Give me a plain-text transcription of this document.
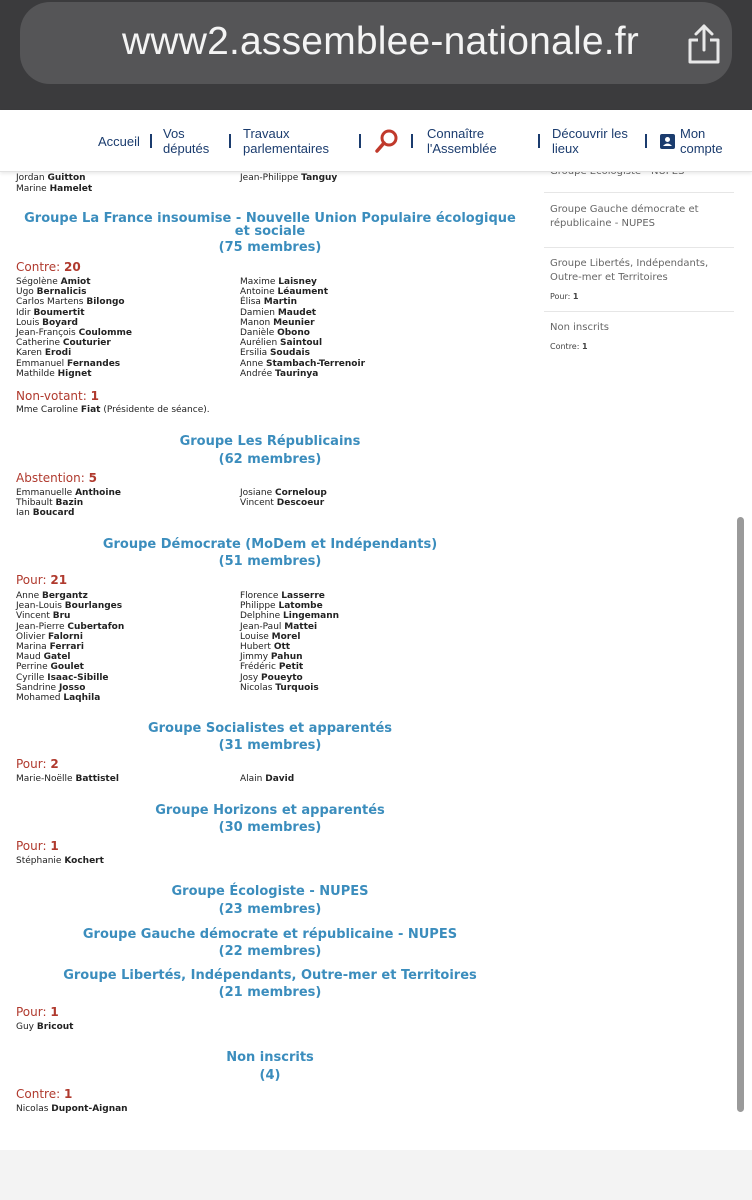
www2.assemblee-nationale.fr
Accueil
Vos
députés
Travaux
parlementaires
Connaître
l'Assemblée
Découvrir les
lieux
Mon
compte
Jordan Guitton
Marine Hamelet
Jean-Philippe Tanguy
Groupe La France insoumise - Nouvelle Union Populaire écologique et sociale
(75 membres)
Contre: 20
Ségolène Amiot
Ugo Bernalicis
Carlos Martens Bilongo
Idir Boumertit
Louis Boyard
Jean-François Coulomme
Catherine Couturier
Karen Erodi
Emmanuel Fernandes
Mathilde Hignet
Maxime Laisney
Antoine Léaument
Élisa Martin
Damien Maudet
Manon Meunier
Danièle Obono
Aurélien Saintoul
Ersilia Soudais
Anne Stambach-Terrenoir
Andrée Taurinya
Non-votant: 1
Mme Caroline Fiat (Présidente de séance).
Groupe Les Républicains
(62 membres)
Abstention: 5
Emmanuelle Anthoine
Thibault Bazin
Ian Boucard
Josiane Corneloup
Vincent Descoeur
Groupe Démocrate (MoDem et Indépendants)
(51 membres)
Pour: 21
Anne Bergantz
Jean-Louis Bourlanges
Vincent Bru
Jean-Pierre Cubertafon
Olivier Falorni
Marina Ferrari
Maud Gatel
Perrine Goulet
Cyrille Isaac-Sibille
Sandrine Josso
Mohamed Laqhila
Florence Lasserre
Philippe Latombe
Delphine Lingemann
Jean-Paul Mattei
Louise Morel
Hubert Ott
Jimmy Pahun
Frédéric Petit
Josy Poueyto
Nicolas Turquois
Groupe Socialistes et apparentés
(31 membres)
Pour: 2
Marie-Noëlle Battistel	Alain David
Groupe Horizons et apparentés
(30 membres)
Pour: 1
Stéphanie Kochert
Groupe Écologiste - NUPES
(23 membres)
Groupe Gauche démocrate et républicaine - NUPES
(22 membres)
Groupe Libertés, Indépendants, Outre-mer et Territoires
(21 membres)
Pour: 1
Guy Bricout
Non inscrits
(4)
Contre: 1
Nicolas Dupont-Aignan
Groupe Gauche démocrate et républicaine - NUPES
Groupe Libertés, Indépendants, Outre-mer et Territoires
Pour: 1
Non inscrits
Contre: 1
